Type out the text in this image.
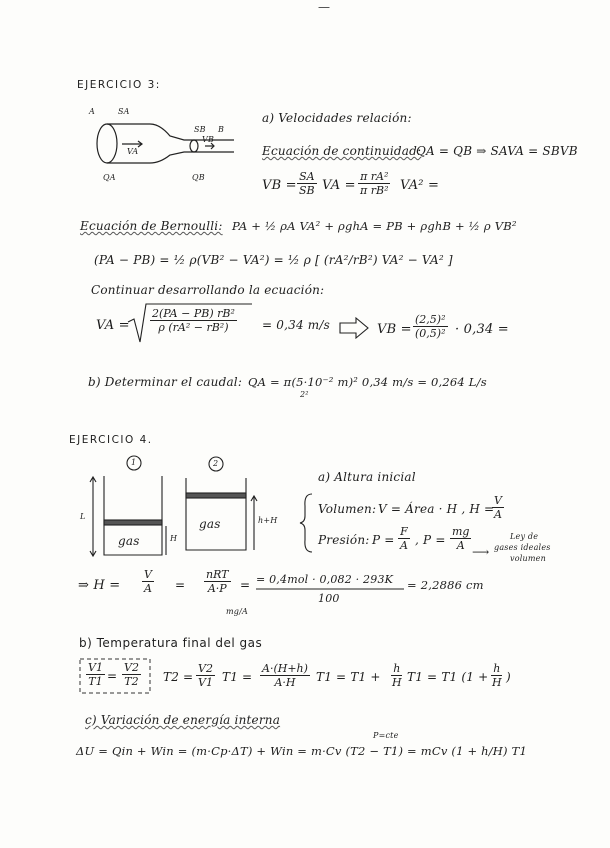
—
EJERCICIO 3:
A	SA
SB B
VA
VB
QA	QB
a) Velocidades relación:
Ecuación de continuidad:
QA = QB ⇒ SAVA = SBVB
VB = $\frac{SA}{SB}$ VA = $\frac{\text{π rA²}}{\text{π rB²}} VA^2$ =
Ecuación de Bernoulli: PA + ½ ρA VA² + ρghA = PB + ρghB + ½ ρ VB²
(PA − PB) = ½ ρ(VB² − VA²) = ½ ρ [ (rA²/rB²) VA² − VA² ]
Continuar desarrollando la ecuación:
VA = $\frac{\text{2(PA − PB) rB²}}{\text{ρ (rA² − rB²)}} = 0,34$ m/s	VB = $\frac{\text{(2,5)²}}{\text{(0,5)²}} \cdot 0,34$ =
b) Determinar el caudal: QA = π(5·10⁻² m)² 0,34 m/s = 0,264 L/s
2²
EJERCICIO 4.
1	2
gas
gas
L
H
h+H
a) Altura inicial
Volumen: V = Área · H , H =
$\frac{V}{A}$
Presión: $P = \frac{F}{A}$ , $P = \frac{mg}{A}$ ⟶
Ley de
gases ideales
volumen
⇒ $H = \frac{V}{A}$ =
nRT
A·P = = 0,4mol · 0,082 · 293K
100
= 2,2886 cm
mg/A
b) Temperatura final del gas
$\frac{V1}{T1} = \frac{V2}{T2} T2 = \frac{V2}{V1} T1 = \frac{A\cdot(H+h)}{A\cdot H} T1 = T1 + \frac{h}{H} T1 = T1$ ($1 + \frac{h}{H}$ )
c) Variación de energía interna
P=cte
ΔU = Qin + Win = (m·Cp·ΔT) + Win = m·Cv (T2 − T1) = mCv (1 + h/H) T1
